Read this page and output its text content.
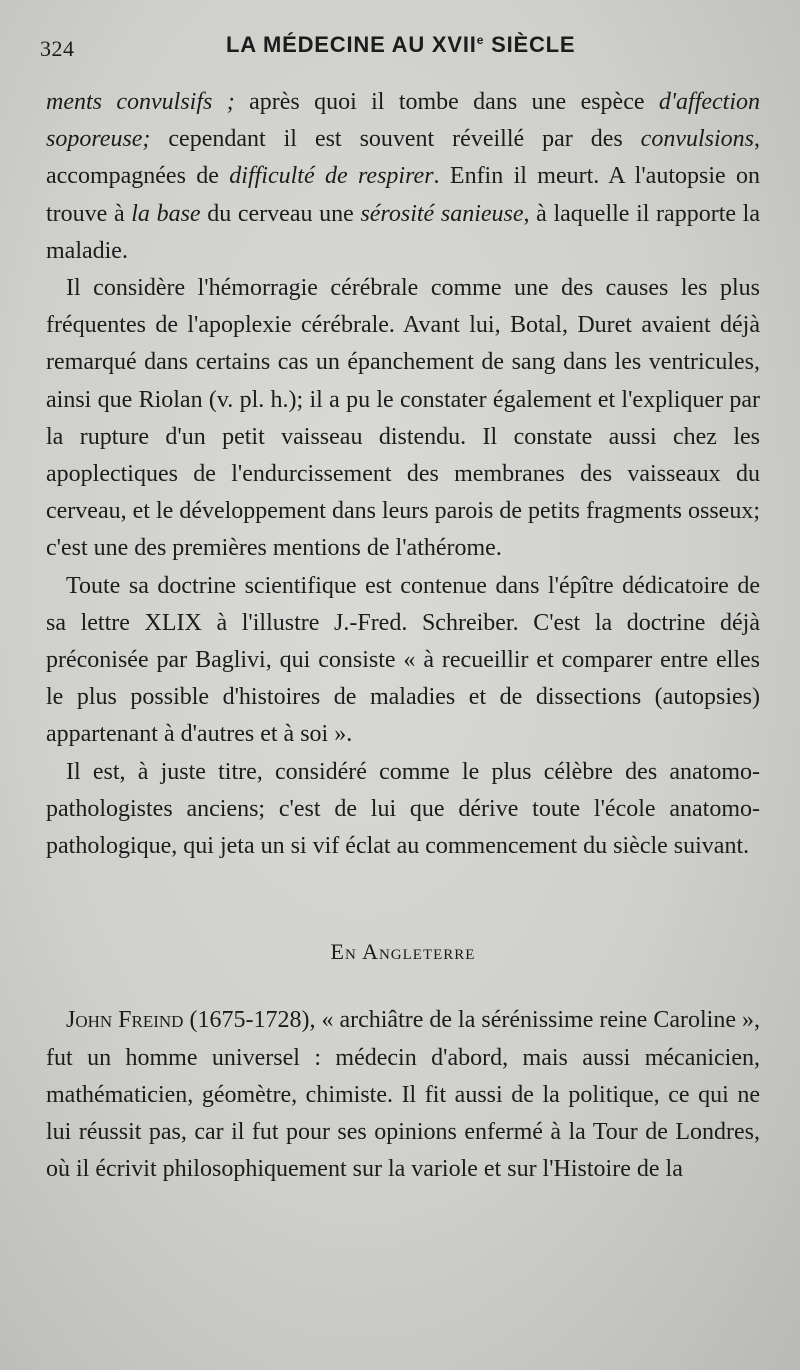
324	LA MÉDECINE AU XVIIe SIÈCLE

ments convulsifs ; après quoi il tombe dans une espèce d'affection soporeuse; cependant il est souvent réveillé par des convulsions, accompagnées de difficulté de respirer. Enfin il meurt. A l'autopsie on trouve à la base du cerveau une sérosité sanieuse, à laquelle il rapporte la maladie.

Il considère l'hémorragie cérébrale comme une des causes les plus fréquentes de l'apoplexie cérébrale. Avant lui, Botal, Duret avaient déjà remarqué dans certains cas un épanchement de sang dans les ventricules, ainsi que Riolan (v. pl. h.); il a pu le constater également et l'expliquer par la rupture d'un petit vaisseau distendu. Il constate aussi chez les apoplectiques de l'endurcissement des membranes des vaisseaux du cerveau, et le développement dans leurs parois de petits fragments osseux; c'est une des premières mentions de l'athérome.

Toute sa doctrine scientifique est contenue dans l'épître dédicatoire de sa lettre XLIX à l'illustre J.-Fred. Schreiber. C'est la doctrine déjà préconisée par Baglivi, qui consiste « à recueillir et comparer entre elles le plus possible d'histoires de maladies et de dissections (autopsies) appartenant à d'autres et à soi ».

Il est, à juste titre, considéré comme le plus célèbre des anatomo-pathologistes anciens; c'est de lui que dérive toute l'école anatomo-pathologique, qui jeta un si vif éclat au commencement du siècle suivant.

En Angleterre

John Freind (1675-1728), « archiâtre de la sérénissime reine Caroline », fut un homme universel : médecin d'abord, mais aussi mécanicien, mathématicien, géomètre, chimiste. Il fit aussi de la politique, ce qui ne lui réussit pas, car il fut pour ses opinions enfermé à la Tour de Londres, où il écrivit philosophiquement sur la variole et sur l'Histoire de la
